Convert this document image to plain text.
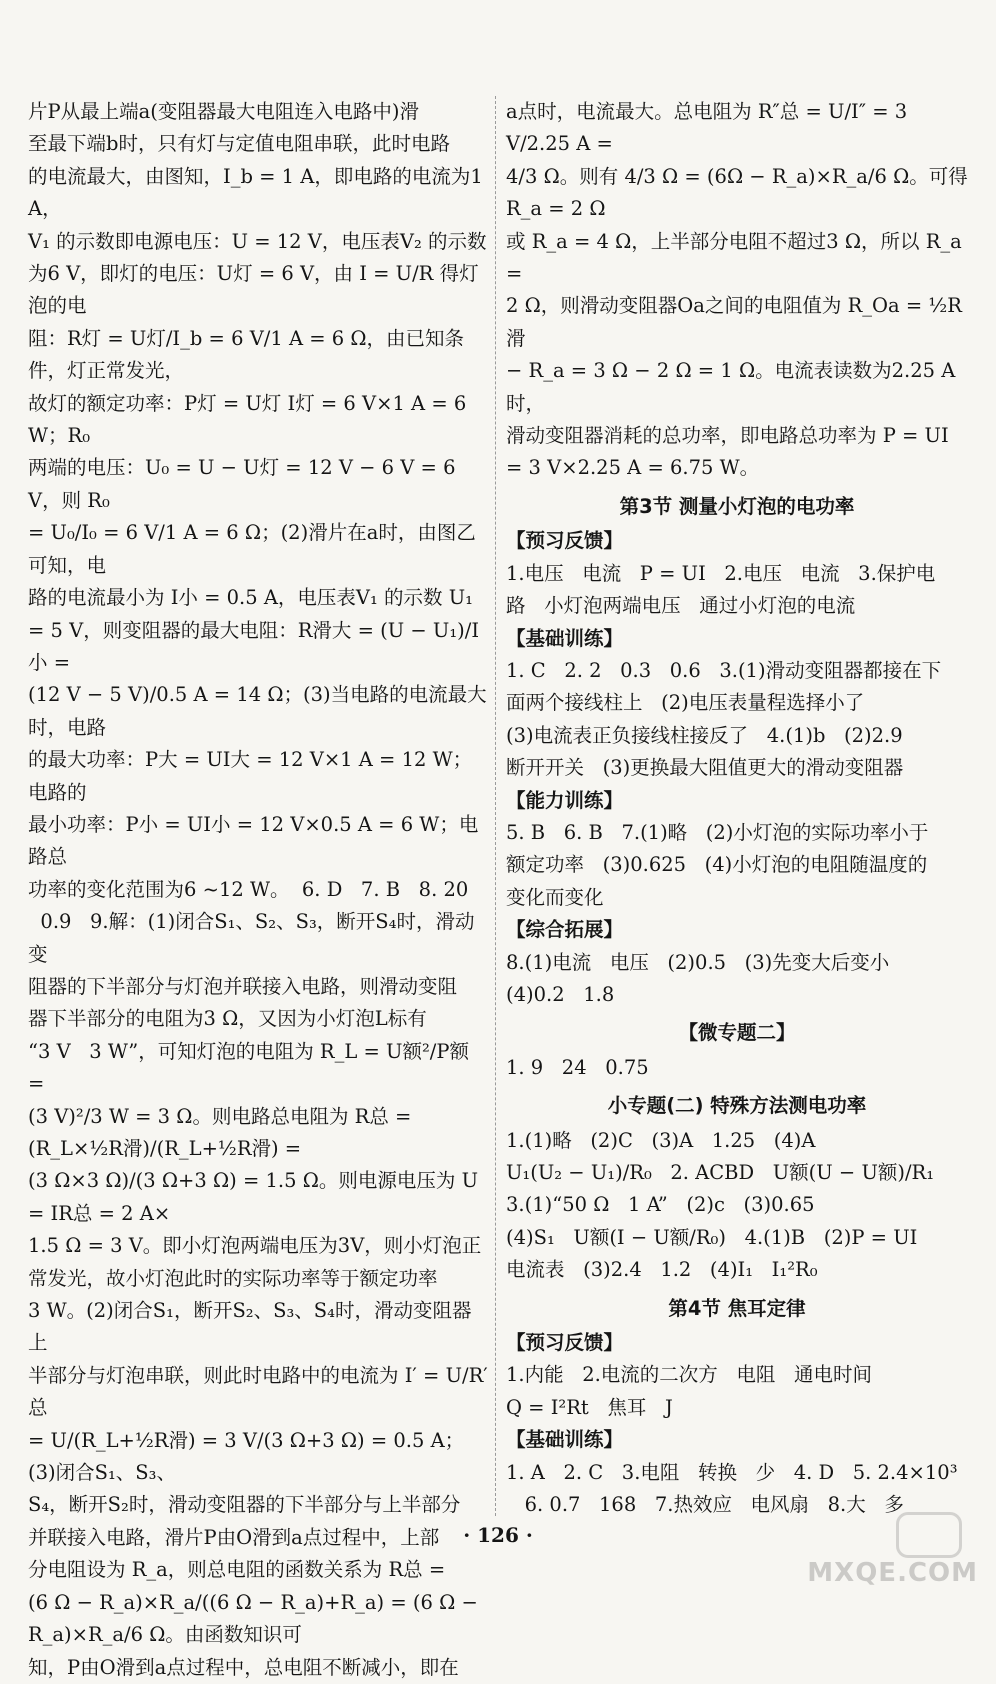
片P从最上端a(变阻器最大电阻连入电路中)滑
至最下端b时，只有灯与定值电阻串联，此时电路
的电流最大，由图知，I_b = 1 A，即电路的电流为1 A，
V₁ 的示数即电源电压：U = 12 V，电压表V₂ 的示数
为6 V，即灯的电压：U灯 = 6 V，由 I = U/R 得灯泡的电
阻：R灯 = U灯/I_b = 6 V/1 A = 6 Ω，由已知条件，灯正常发光，
故灯的额定功率：P灯 = U灯 I灯 = 6 V×1 A = 6 W；R₀
两端的电压：U₀ = U − U灯 = 12 V − 6 V = 6 V，则 R₀
= U₀/I₀ = 6 V/1 A = 6 Ω；(2)滑片在a时，由图乙可知，电
路的电流最小为 I小 = 0.5 A，电压表V₁ 的示数 U₁
= 5 V，则变阻器的最大电阻：R滑大 = (U − U₁)/I小 =
(12 V − 5 V)/0.5 A = 14 Ω；(3)当电路的电流最大时，电路
的最大功率：P大 = UI大 = 12 V×1 A = 12 W；电路的
最小功率：P小 = UI小 = 12 V×0.5 A = 6 W；电路总
功率的变化范围为6 ~12 W。  6. D   7. B   8. 20
0.9   9.解：(1)闭合S₁、S₂、S₃，断开S₄时，滑动变
阻器的下半部分与灯泡并联接入电路，则滑动变阻
器下半部分的电阻为3 Ω，又因为小灯泡L标有
“3 V   3 W”，可知灯泡的电阻为 R_L = U额²/P额 =
(3 V)²/3 W = 3 Ω。则电路总电阻为 R总 = (R_L×½R滑)/(R_L+½R滑) =
(3 Ω×3 Ω)/(3 Ω+3 Ω) = 1.5 Ω。则电源电压为 U = IR总 = 2 A×
1.5 Ω = 3 V。即小灯泡两端电压为3V，则小灯泡正
常发光，故小灯泡此时的实际功率等于额定功率
3 W。(2)闭合S₁，断开S₂、S₃、S₄时，滑动变阻器上
半部分与灯泡串联，则此时电路中的电流为 I′ = U/R′总
= U/(R_L+½R滑) = 3 V/(3 Ω+3 Ω) = 0.5 A；(3)闭合S₁、S₃、
S₄，断开S₂时，滑动变阻器的下半部分与上半部分
并联接入电路，滑片P由O滑到a点过程中，上部
分电阻设为 R_a，则总电阻的函数关系为 R总 =
(6 Ω − R_a)×R_a/((6 Ω − R_a)+R_a) = (6 Ω − R_a)×R_a/6 Ω。由函数知识可
知，P由O滑到a点过程中，总电阻不断减小，即在
a点时，电流最大。总电阻为 R″总 = U/I″ = 3 V/2.25 A =
4/3 Ω。则有 4/3 Ω = (6Ω − R_a)×R_a/6 Ω。可得 R_a = 2 Ω
或 R_a = 4 Ω，上半部分电阻不超过3 Ω，所以 R_a =
2 Ω，则滑动变阻器Oa之间的电阻值为 R_Oa = ½R滑
− R_a = 3 Ω − 2 Ω = 1 Ω。电流表读数为2.25 A时，
滑动变阻器消耗的总功率，即电路总功率为 P = UI
= 3 V×2.25 A = 6.75 W。
第3节 测量小灯泡的电功率
【预习反馈】
1.电压   电流   P = UI   2.电压   电流   3.保护电
路   小灯泡两端电压   通过小灯泡的电流
【基础训练】
1. C   2. 2   0.3   0.6   3.(1)滑动变阻器都接在下
面两个接线柱上   (2)电压表量程选择小了
(3)电流表正负接线柱接反了   4.(1)b   (2)2.9
断开开关   (3)更换最大阻值更大的滑动变阻器
【能力训练】
5. B   6. B   7.(1)略   (2)小灯泡的实际功率小于
额定功率   (3)0.625   (4)小灯泡的电阻随温度的
变化而变化
【综合拓展】
8.(1)电流   电压   (2)0.5   (3)先变大后变小
(4)0.2   1.8
【微专题二】
1. 9   24   0.75
小专题(二) 特殊方法测电功率
1.(1)略   (2)C   (3)A   1.25   (4)A
U₁(U₂ − U₁)/R₀   2. ACBD   U额(U − U额)/R₁
3.(1)“50 Ω   1 A”   (2)c   (3)0.65
(4)S₁   U额(I − U额/R₀)   4.(1)B   (2)P = UI
电流表   (3)2.4   1.2   (4)I₁   I₁²R₀
第4节 焦耳定律
【预习反馈】
1.内能   2.电流的二次方   电阻   通电时间
Q = I²Rt   焦耳   J
【基础训练】
1. A   2. C   3.电阻   转换   少   4. D   5. 2.4×10³
6. 0.7   168   7.热效应   电风扇   8.大   多
· 126 ·
MXQE.COM
